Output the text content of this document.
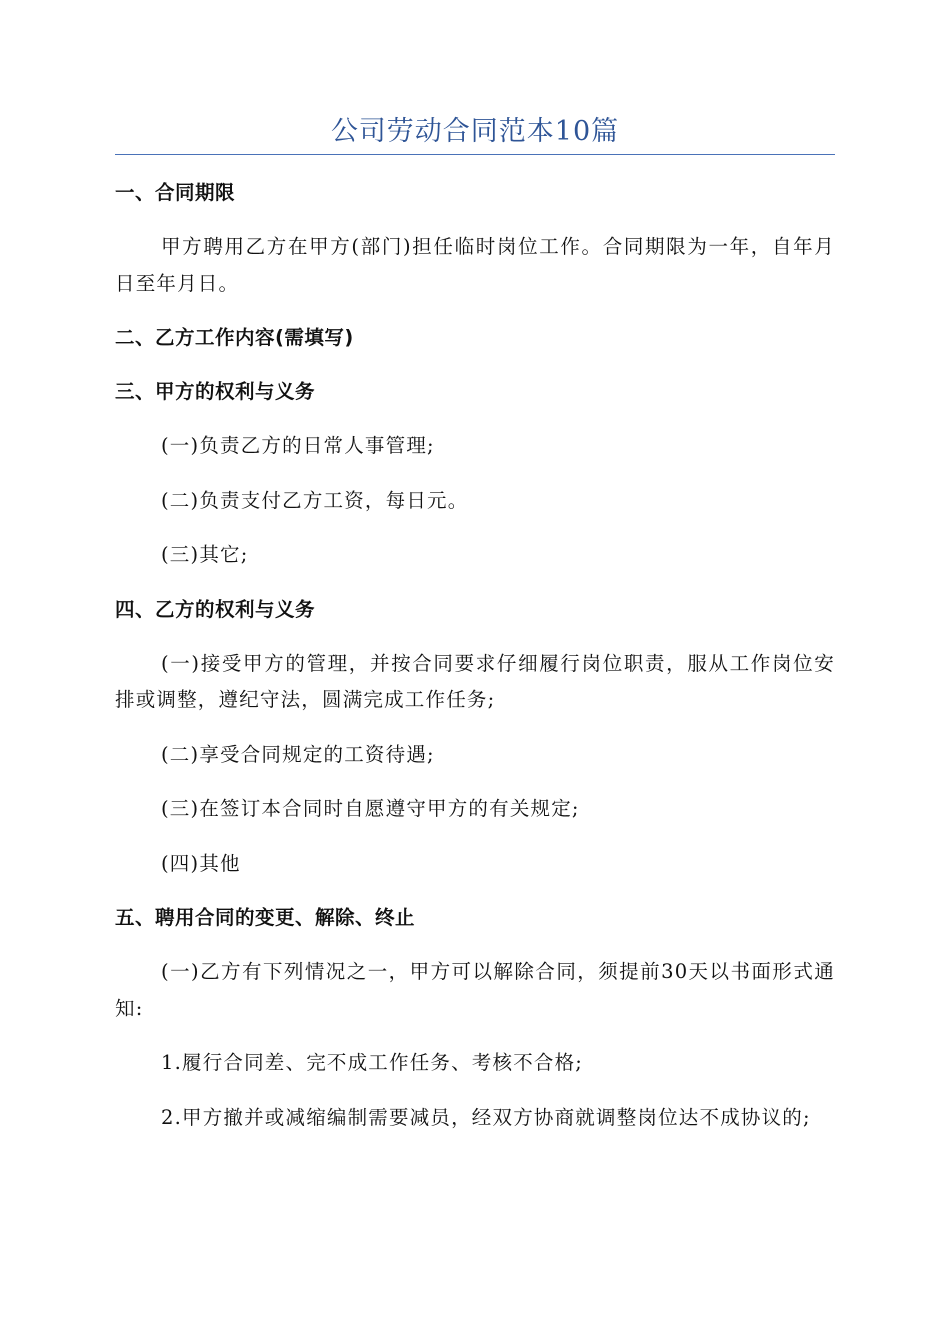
公司劳动合同范本10篇
一、合同期限

甲方聘用乙方在甲方(部门)担任临时岗位工作。合同期限为一年，自年月日至年月日。

二、乙方工作内容(需填写)
三、甲方的权利与义务

(一)负责乙方的日常人事管理;

(二)负责支付乙方工资，每日元。

(三)其它;

四、乙方的权利与义务

(一)接受甲方的管理，并按合同要求仔细履行岗位职责，服从工作岗位安排或调整，遵纪守法，圆满完成工作任务;

(二)享受合同规定的工资待遇;

(三)在签订本合同时自愿遵守甲方的有关规定;

(四)其他

五、聘用合同的变更、解除、终止

(一)乙方有下列情况之一，甲方可以解除合同，须提前30天以书面形式通知:

1.履行合同差、完不成工作任务、考核不合格;

2.甲方撤并或减缩编制需要减员，经双方协商就调整岗位达不成协议的;
